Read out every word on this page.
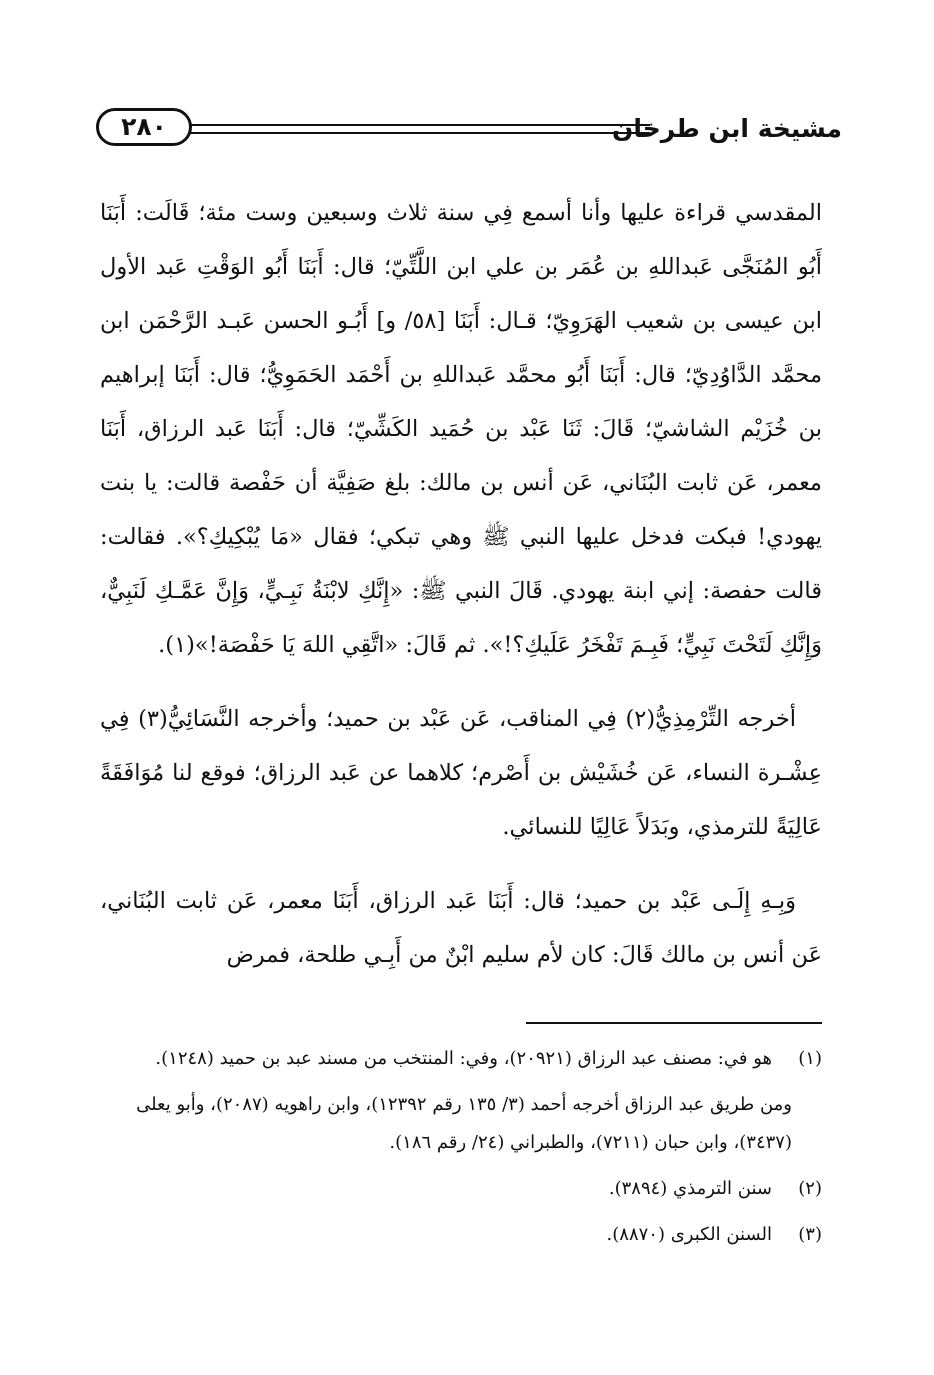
مشيخة ابن طرخان
٢٨٠

المقدسي قراءة عليها وأنا أسمع فِي سنة ثلاث وسبعين وست مئة؛ قَالَت: أَبَنَا أَبُو المُنَجَّى عَبداللهِ بن عُمَر بن علي ابن اللَّتِّيّ؛ قال: أَبَنَا أَبُو الوَقْتِ عَبد الأول ابن عيسى بن شعيب الهَرَوِيّ؛ قـال: أَبَنَا [٥٨/ و] أَبُـو الحسن عَبـد الرَّحْمَن ابن محمَّد الدَّاوُدِيّ؛ قال: أَبَنَا أَبُو محمَّد عَبداللهِ بن أَحْمَد الحَمَوِيُّ؛ قال: أَبَنَا إبراهيم بن خُزَيْم الشاشيّ؛ قَالَ: ثَنَا عَبْد بن حُمَيد الكَشِّيّ؛ قال: أَبَنَا عَبد الرزاق، أَبَنَا معمر، عَن ثابت البُنَاني، عَن أنس بن مالك: بلغ صَفِيَّة أن حَفْصة قالت: يا بنت يهودي! فبكت فدخل عليها النبي ﷺ وهي تبكي؛ فقال «مَا يُبْكِيكِ؟». فقالت: قالت حفصة: إني ابنة يهودي. قَالَ النبي ﷺ: «إِنَّكِ لابْنَةُ نَبِـيٍّ، وَإِنَّ عَمَّـكِ لَنَبِيٌّ، وَإِنَّكِ لَتَحْتَ نَبِيٍّ؛ فَبِـمَ تَفْخَرُ عَلَيكِ؟!». ثم قَالَ: «اتَّقِي اللهَ يَا حَفْصَة!»(١).

أخرجه التِّرْمِذِيُّ(٢) فِي المناقب، عَن عَبْد بن حميد؛ وأخرجه النَّسَائِيُّ(٣) فِي عِشْـرة النساء، عَن خُشَيْش بن أَصْرم؛ كلاهما عن عَبد الرزاق؛ فوقع لنا مُوَافَقَةً عَالِيَةً للترمذي، وبَدَلاً عَالِيًا للنسائي.

وَبِـهِ إِلَـى عَبْد بن حميد؛ قال: أَبَنَا عَبد الرزاق، أَبَنَا معمر، عَن ثابت البُنَاني، عَن أنس بن مالك قَالَ: كان لأم سليم ابْنٌ من أَبِـي طلحة، فمرض

(١)
هو في: مصنف عبد الرزاق (٢٠٩٢١)، وفي: المنتخب من مسند عبد بن حميد (١٢٤٨).
ومن طريق عبد الرزاق أخرجه أحمد (٣/ ١٣٥ رقم ١٢٣٩٢)، وابن راهويه (٢٠٨٧)، وأبو يعلى (٣٤٣٧)، وابن حبان (٧٢١١)، والطبراني (٢٤/ رقم ١٨٦).
(٢)
سنن الترمذي (٣٨٩٤).
(٣)
السنن الكبرى (٨٨٧٠).
